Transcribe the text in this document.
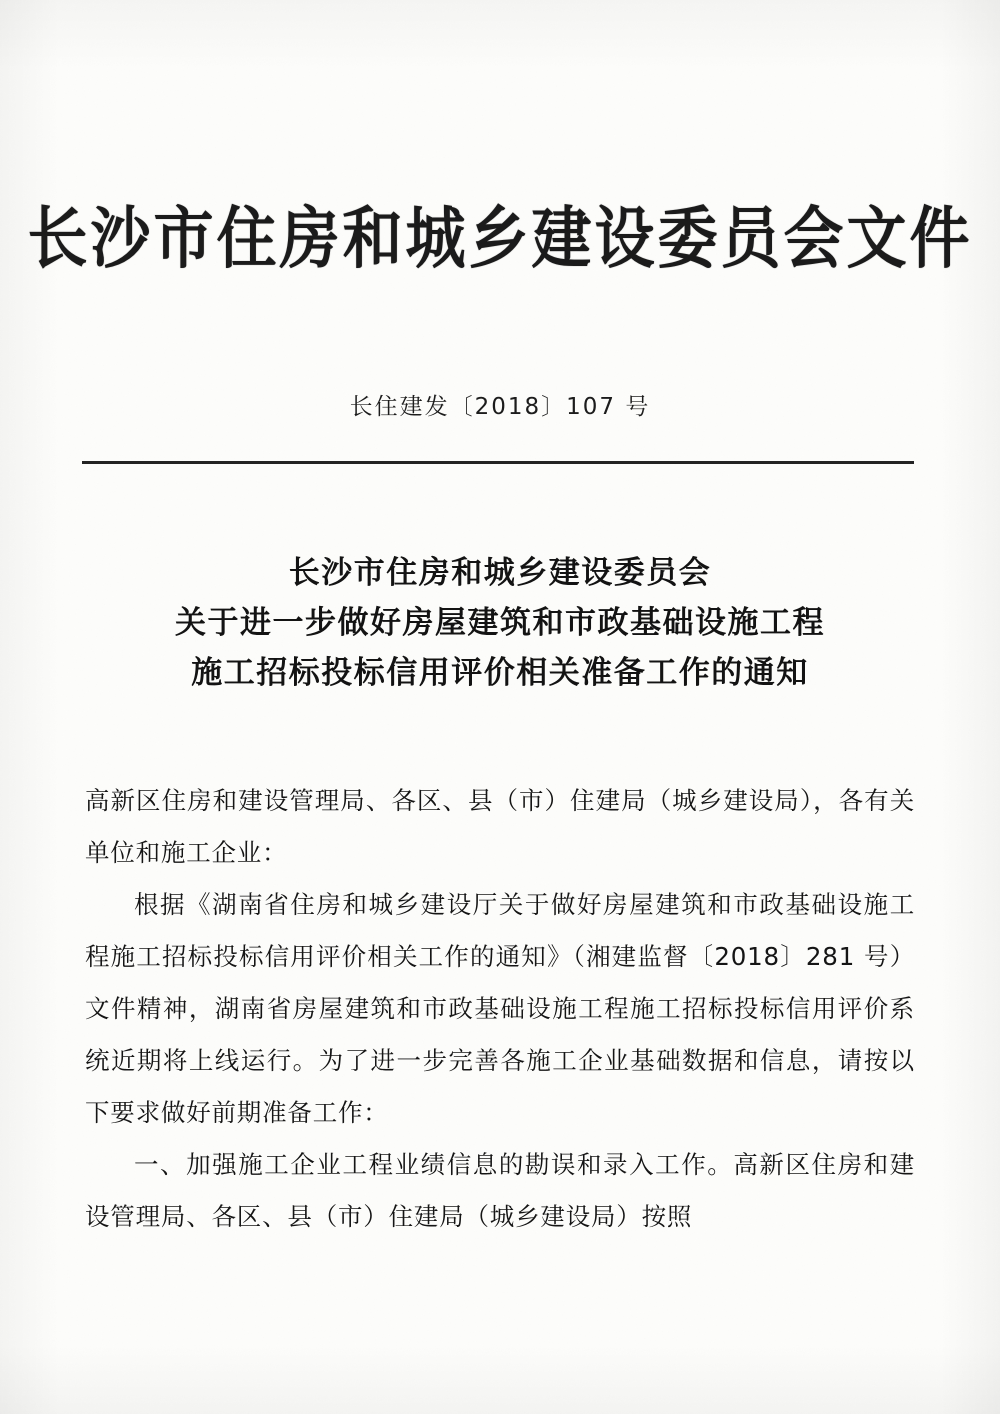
长沙市住房和城乡建设委员会文件
长住建发〔2018〕107 号
长沙市住房和城乡建设委员会
关于进一步做好房屋建筑和市政基础设施工程
施工招标投标信用评价相关准备工作的通知

高新区住房和建设管理局、各区、县（市）住建局（城乡建设局），各有关单位和施工企业：

根据《湖南省住房和城乡建设厅关于做好房屋建筑和市政基础设施工程施工招标投标信用评价相关工作的通知》（湘建监督〔2018〕281 号）文件精神，湖南省房屋建筑和市政基础设施工程施工招标投标信用评价系统近期将上线运行。为了进一步完善各施工企业基础数据和信息，请按以下要求做好前期准备工作：

一、加强施工企业工程业绩信息的勘误和录入工作。高新区住房和建设管理局、各区、县（市）住建局（城乡建设局）按照
